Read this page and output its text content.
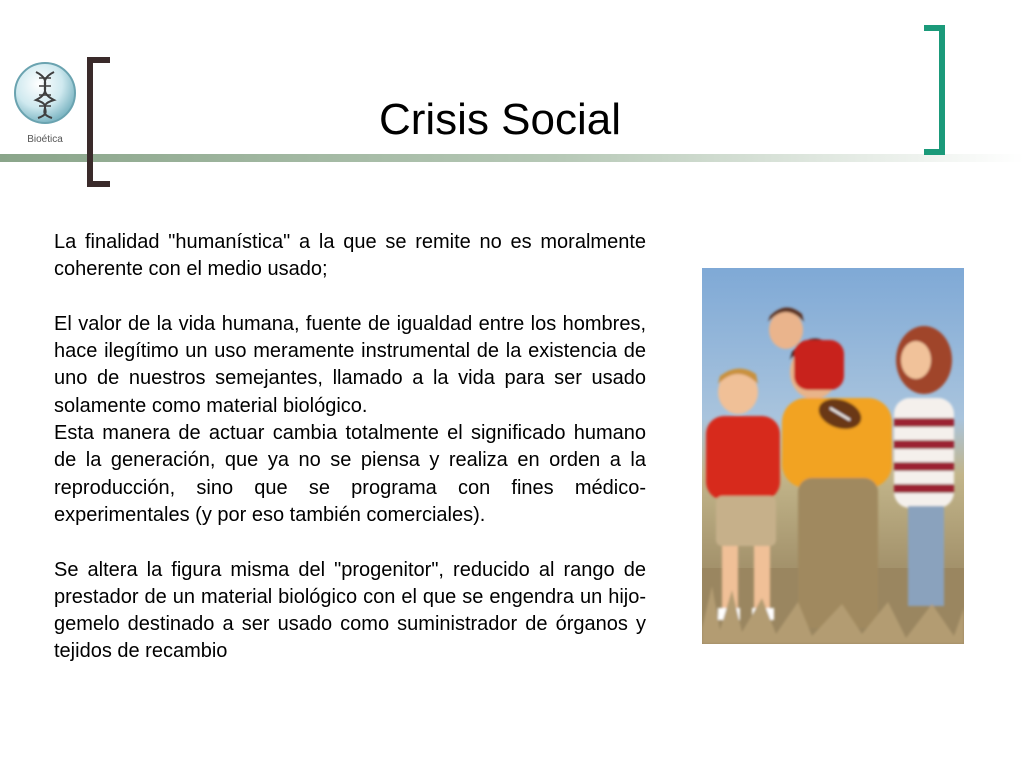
Bioética	Crisis Social

La finalidad "humanística" a la que se remite no es moralmente coherente con el medio usado;

El valor de la vida humana, fuente de igualdad entre los hombres, hace ilegítimo un uso meramente instrumental de la existencia de uno de nuestros semejantes, llamado a la vida para ser usado solamente como material biológico.

Esta manera de actuar cambia totalmente el significado humano de la generación, que ya no se piensa y realiza en orden a la reproducción, sino que se programa con fines médico-experimentales (y por eso también comerciales).

Se altera la figura misma del "progenitor", reducido al rango de prestador de un material biológico con el que se engendra un hijo-gemelo destinado a ser usado como suministrador de órganos y tejidos de recambio
